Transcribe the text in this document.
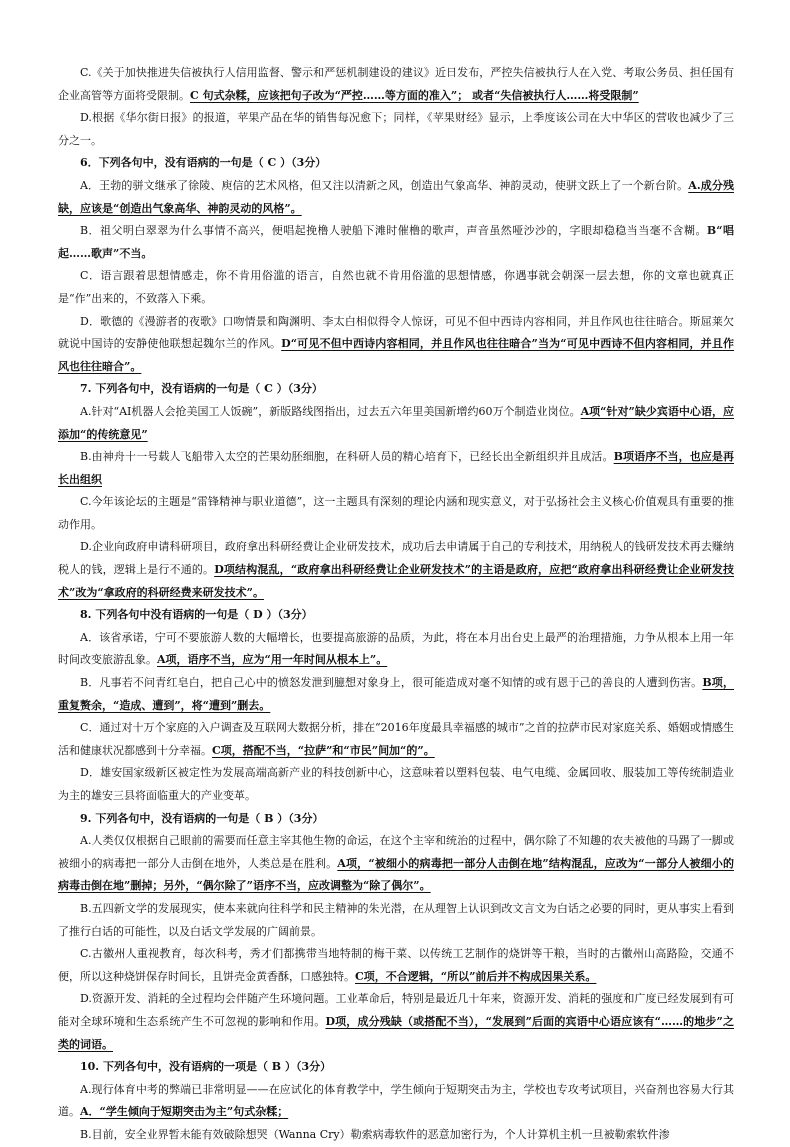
C.《关于加快推进失信被执行人信用监督、警示和严惩机制建设的建议》近日发布，严控失信被执行人在入党、考取公务员、担任国有企业高管等方面将受限制。C 句式杂糅，应该把句子改为“严控……等方面的准入”； 或者“失信被执行人……将受限制”

D.根据《华尔街日报》的报道，苹果产品在华的销售每况愈下；同样，《苹果财经》显示，上季度该公司在大中华区的营收也减少了三分之一。

6．下列各句中，没有语病的一句是（ C ）（3分）

A．王勃的骈文继承了徐陵、庾信的艺术风格，但又注以清新之风，创造出气象高华、神韵灵动，使骈文跃上了一个新台阶。A.成分残缺，应该是“创造出气象高华、神韵灵动的风格”。

B．祖父明白翠翠为什么事情不高兴，便唱起挽橹人驶船下滩时催橹的歌声，声音虽然哑沙沙的，字眼却稳稳当当毫不含糊。B“唱起……歌声”不当。

C．语言跟着思想情感走，你不肯用俗滥的语言，自然也就不肯用俗滥的思想情感，你遇事就会朝深一层去想，你的文章也就真正是“作”出来的，不致落入下乘。

D．歌德的《漫游者的夜歌》口吻情景和陶渊明、李太白相似得令人惊讶，可见不但中西诗内容相同，并且作风也往往暗合。斯屈莱欠就说中国诗的安静使他联想起魏尔兰的作风。D“可见不但中西诗内容相同，并且作风也往往暗合”当为“可见中西诗不但内容相同，并且作风也往往暗合”。

7. 下列各句中，没有语病的一句是（ C ）（3分）

A.针对“AI机器人会抢美国工人饭碗”，新版路线图指出，过去五六年里美国新增约60万个制造业岗位。A项“针对”缺少宾语中心语，应添加“的传统意见”

B.由神舟十一号载人飞船带入太空的芒果幼胚细胞，在科研人员的精心培育下，已经长出全新组织并且成活。B项语序不当，也应是再长出组织

C.今年该论坛的主题是“雷锋精神与职业道德”，这一主题具有深刻的理论内涵和现实意义，对于弘扬社会主义核心价值观具有重要的推动作用。

D.企业向政府申请科研项目，政府拿出科研经费让企业研发技术，成功后去申请属于自己的专利技术，用纳税人的钱研发技术再去赚纳税人的钱，逻辑上是行不通的。D项结构混乱，“政府拿出科研经费让企业研发技术”的主语是政府，应把“政府拿出科研经费让企业研发技术”改为“拿政府的科研经费来研发技术”。

8. 下列各句中没有语病的一句是（ D ）（3分）

A．该省承诺，宁可不要旅游人数的大幅增长，也要提高旅游的品质，为此，将在本月出台史上最严的治理措施，力争从根本上用一年时间改变旅游乱象。A项，语序不当，应为“用一年时间从根本上”。

B．凡事若不问青红皂白，把自己心中的愤怒发泄到臆想对象身上，很可能造成对毫不知情的或有恩于己的善良的人遭到伤害。B项，重复赘余，“造成、遭到”，将“遭到”删去。

C．通过对十万个家庭的入户调查及互联网大数据分析，排在“2016年度最具幸福感的城市”之首的拉萨市民对家庭关系、婚姻或情感生活和健康状况都感到十分幸福。C项，搭配不当，“拉萨”和“市民”间加“的”。

D．雄安国家级新区被定性为发展高端高新产业的科技创新中心，这意味着以塑料包装、电气电缆、金属回收、服装加工等传统制造业为主的雄安三县将面临重大的产业变革。

9. 下列各句中，没有语病的一句是（ B ）（3分）

A.人类仅仅根据自己眼前的需要而任意主宰其他生物的命运，在这个主宰和统治的过程中，偶尔除了不知趣的农夫被他的马踢了一脚或被细小的病毒把一部分人击倒在地外，人类总是在胜利。A项，“被细小的病毒把一部分人击倒在地”结构混乱，应改为“一部分人被细小的病毒击倒在地”删掉；另外，“偶尔除了”语序不当，应改调整为“除了偶尔”。

B.五四新文学的发展现实，使本来就向往科学和民主精神的朱光潜，在从理智上认识到改文言文为白话之必要的同时，更从事实上看到了推行白话的可能性，以及白话文学发展的广阔前景。

C.古徽州人重视教育，每次科考，秀才们都携带当地特制的梅干菜、以传统工艺制作的烧饼等干粮，当时的古徽州山高路险，交通不便，所以这种烧饼保存时间长，且饼壳金黄香酥，口感独特。C项，不合逻辑，“所以”前后并不构成因果关系。

D.资源开发、消耗的全过程均会伴随产生环境问题。工业革命后，特别是最近几十年来，资源开发、消耗的强度和广度已经发展到有可能对全球环境和生态系统产生不可忽视的影响和作用。D项，成分残缺（或搭配不当），“发展到”后面的宾语中心语应该有“……的地步”之类的词语。

10. 下列各句中，没有语病的一项是（ B ）（3分）

A.现行体育中考的弊端已非常明显——在应试化的体育教学中，学生倾向于短期突击为主，学校也专攻考试项目，兴奋剂也容易大行其道。A．“学生倾向于短期突击为主”句式杂糅；

B.目前，安全业界暂未能有效破除想哭（Wanna Cry）勒索病毒软件的恶意加密行为，个人计算机主机一旦被勒索软件渗
